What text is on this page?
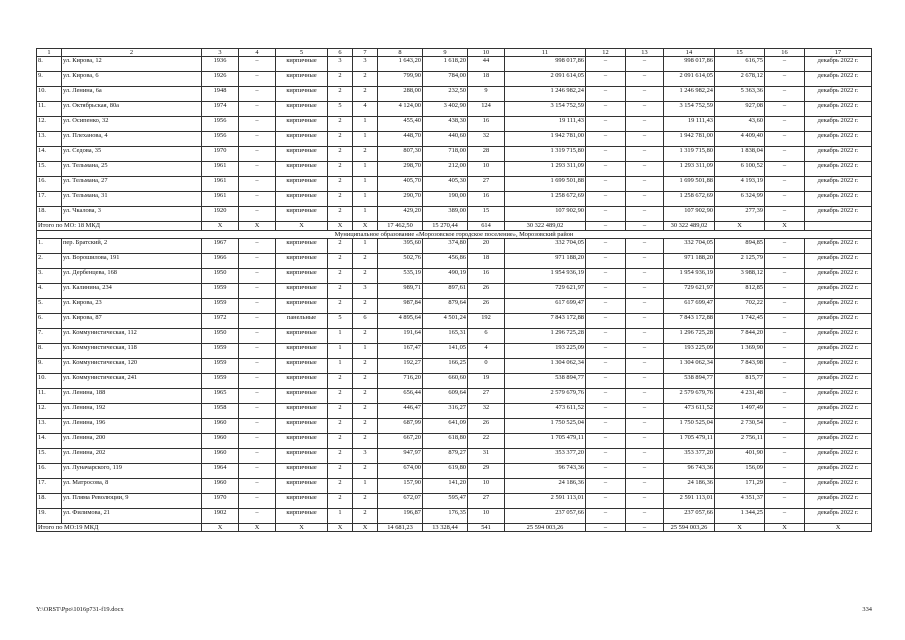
1	2	3	4	5	6	7	8	9	10	11	12	13	14	15	16	17
8.	ул. Кирова, 12	1936	–	кирпичные	3	3	1 643,20	1 618,20	44	998 017,86	–	–	998 017,86	616,75	–	декабрь 2022 г.
9.	ул. Кирова, 6	1926	–	кирпичные	2	2	799,90	784,00	18	2 091 614,05	–	–	2 091 614,05	2 678,12	–	декабрь 2022 г.
10.	ул. Ленина, 6а	1948	–	кирпичные	2	2	288,00	232,50	9	1 246 982,24	–	–	1 246 982,24	5 363,36	–	декабрь 2022 г.
11.	ул. Октябрьская, 80а	1974	–	кирпичные	5	4	4 124,00	3 402,90	124	3 154 752,59	–	–	3 154 752,59	927,08	–	декабрь 2022 г.
12.	ул. Осипенко, 32	1956	–	кирпичные	2	1	455,40	438,30	16	19 111,43	–	–	19 111,43	43,60	–	декабрь 2022 г.
13.	ул. Плеханова, 4	1956	–	кирпичные	2	1	448,70	440,60	32	1 942 781,00	–	–	1 942 781,00	4 409,40	–	декабрь 2022 г.
14.	ул. Седова, 35	1970	–	кирпичные	2	2	807,30	718,00	28	1 319 715,80	–	–	1 319 715,80	1 838,04	–	декабрь 2022 г.
15.	ул. Тельмана, 25	1961	–	кирпичные	2	1	298,70	212,00	10	1 293 311,09	–	–	1 293 311,09	6 100,52	–	декабрь 2022 г.
16.	ул. Тельмана, 27	1961	–	кирпичные	2	1	405,70	405,30	27	1 699 501,88	–	–	1 699 501,88	4 193,19	–	декабрь 2022 г.
17.	ул. Тельмана, 31	1961	–	кирпичные	2	1	290,70	190,00	16	1 258 672,69	–	–	1 258 672,69	6 324,99	–	декабрь 2022 г.
18.	ул. Чкалова, 3	1920	–	кирпичные	2	1	429,20	389,00	15	107 902,90	–	–	107 902,90	277,39	–	декабрь 2022 г.
Итого по МО: 18 МКД		X	X	X	X	X	17 462,50	15 270,44	614	30 322 489,02	–	–	30 322 489,02	X	X	
Муниципальное образование «Морозовское городское поселение», Морозовский район																
1.	пер. Братский, 2	1967	–	кирпичные	2	1	395,60	374,80	20	332 704,05	–	–	332 704,05	894,85	–	декабрь 2022 г.
2.	ул. Ворошилова, 191	1966	–	кирпичные	2	2	502,76	456,86	18	971 188,20	–	–	971 188,20	2 125,79	–	декабрь 2022 г.
3.	ул. Дербенцева, 168	1950	–	кирпичные	2	2	535,19	490,19	16	1 954 936,19	–	–	1 954 936,19	3 988,12	–	декабрь 2022 г.
4.	ул. Калинина, 234	1959	–	кирпичные	2	3	989,71	897,61	26	729 621,97	–	–	729 621,97	812,85	–	декабрь 2022 г.
5.	ул. Кирова, 23	1959	–	кирпичные	2	2	987,84	879,64	26	617 699,47	–	–	617 699,47	702,22	–	декабрь 2022 г.
6.	ул. Кирова, 87	1972	–	панельные	5	6	4 895,64	4 501,24	192	7 843 172,88	–	–	7 843 172,88	1 742,45	–	декабрь 2022 г.
7.	ул. Коммунистическая, 112	1950	–	кирпичные	1	2	191,64	165,31	6	1 296 725,28	–	–	1 296 725,28	7 844,20	–	декабрь 2022 г.
8.	ул. Коммунистическая, 118	1959	–	кирпичные	1	1	167,47	141,05	4	193 225,09	–	–	193 225,09	1 369,90	–	декабрь 2022 г.
9.	ул. Коммунистическая, 120	1959	–	кирпичные	1	2	192,27	166,25	0	1 304 062,34	–	–	1 304 062,34	7 843,98	–	декабрь 2022 г.
10.	ул. Коммунистическая, 241	1959	–	кирпичные	2	2	716,20	660,60	19	538 894,77	–	–	538 894,77	815,77	–	декабрь 2022 г.
11.	ул. Ленина, 188	1965	–	кирпичные	2	2	656,44	609,64	27	2 579 679,76	–	–	2 579 679,76	4 231,48	–	декабрь 2022 г.
12.	ул. Ленина, 192	1958	–	кирпичные	2	2	446,47	316,27	32	473 611,52	–	–	473 611,52	1 497,49	–	декабрь 2022 г.
13.	ул. Ленина, 196	1960	–	кирпичные	2	2	687,99	641,09	26	1 750 525,04	–	–	1 750 525,04	2 730,54	–	декабрь 2022 г.
14.	ул. Ленина, 200	1960	–	кирпичные	2	2	667,20	618,80	22	1 705 479,11	–	–	1 705 479,11	2 756,11	–	декабрь 2022 г.
15.	ул. Ленина, 202	1960	–	кирпичные	2	3	947,97	879,27	31	353 377,20	–	–	353 377,20	401,90	–	декабрь 2022 г.
16.	ул. Луначарского, 119	1964	–	кирпичные	2	2	674,00	619,80	29	96 743,36	–	–	96 743,36	156,09	–	декабрь 2022 г.
17.	ул. Матросова, 8	1960	–	кирпичные	2	1	157,90	141,20	10	24 186,36	–	–	24 186,36	171,29	–	декабрь 2022 г.
18.	ул. Пляма Революции, 9	1970	–	кирпичные	2	2	672,07	595,47	27	2 591 113,01	–	–	2 591 113,01	4 351,37	–	декабрь 2022 г.
19.	ул. Филимова, 21	1902	–	кирпичные	1	2	196,87	176,35	10	237 057,66	–	–	237 057,66	1 344,25	–	декабрь 2022 г.
Итого по МО:19 МКД		X	X	X	X	X	14 681,23	13 328,44	541	25 594 003,26	–	–	25 594 003,26	X	X	X
Y:\ORST\Ppo\1016p731-f19.docx	334
